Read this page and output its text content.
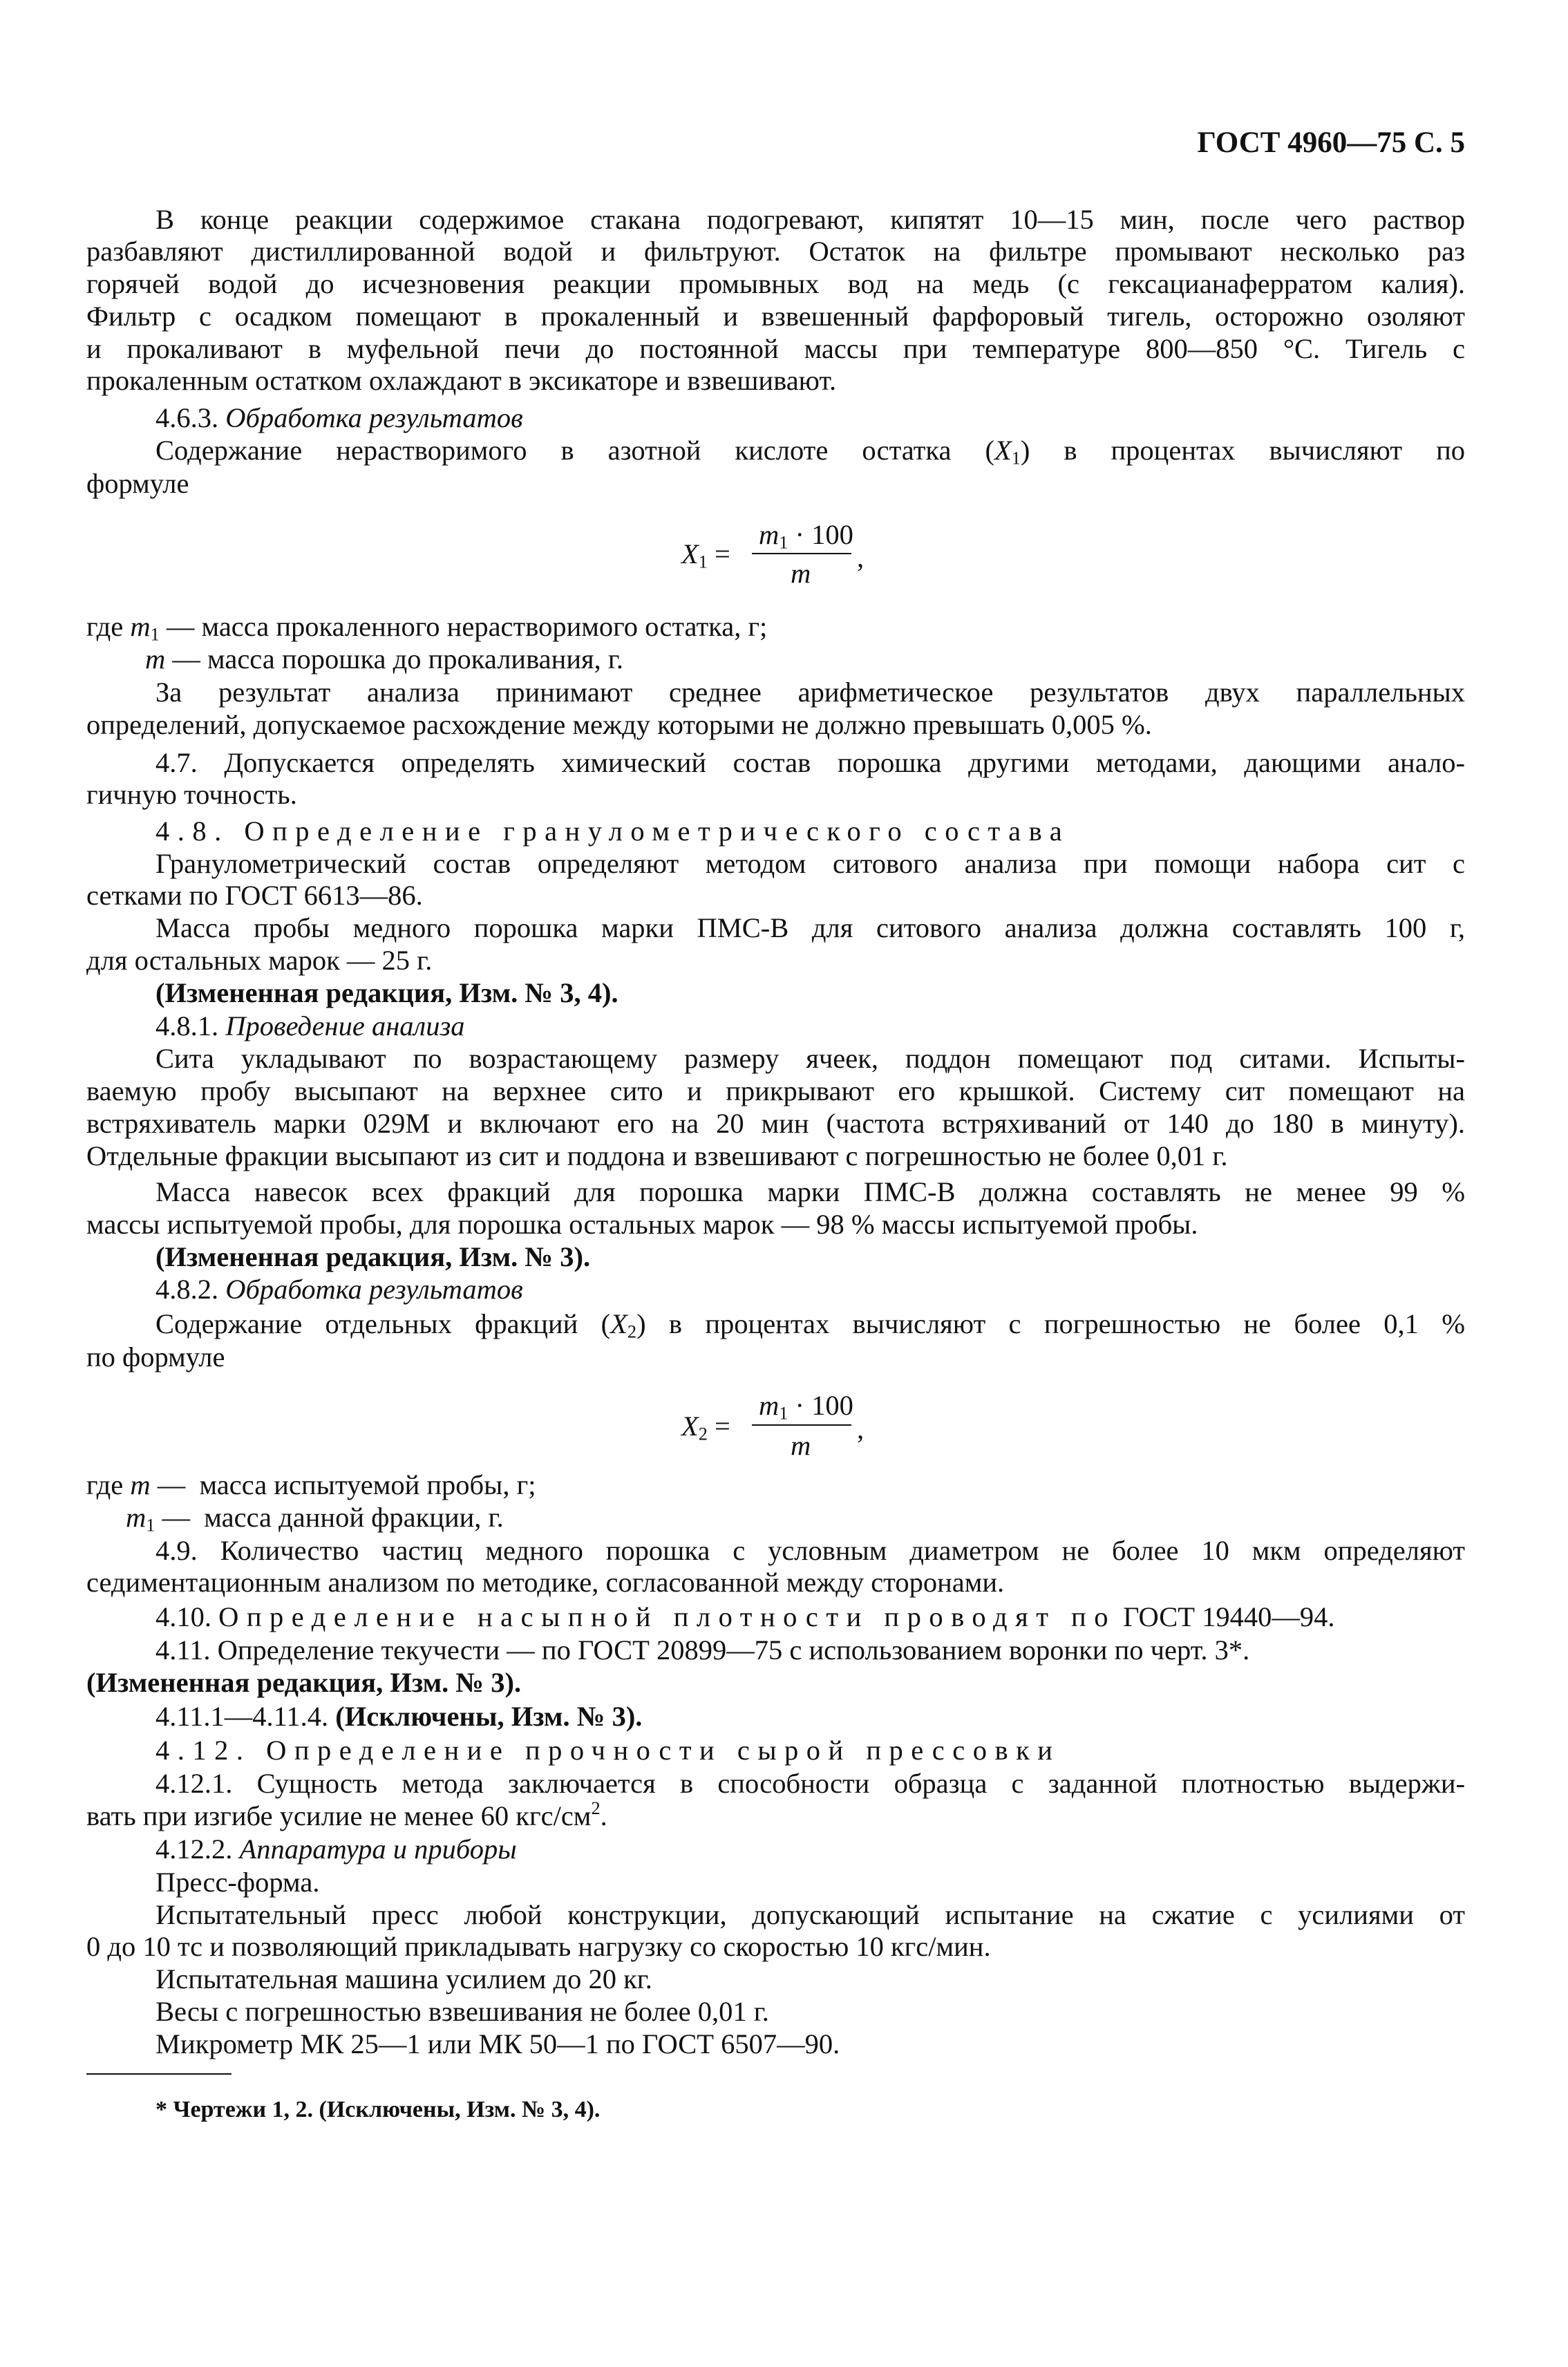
ГОСТ 4960—75 С. 5
В конце реакции содержимое стакана подогревают, кипятят 10—15 мин, после чего раствор
разбавляют дистиллированной водой и фильтруют. Остаток на фильтре промывают несколько раз
горячей водой до исчезновения реакции промывных вод на медь (с гексацианаферратом калия).
Фильтр с осадком помещают в прокаленный и взвешенный фарфоровый тигель, осторожно озоляют
и прокаливают в муфельной печи до постоянной массы при температуре 800—850 °С. Тигель с
прокаленным остатком охлаждают в эксикаторе и взвешивают.
4.6.3. Обработка результатов
Содержание нерастворимого в азотной кислоте остатка $(X_1)$ в процентах вычисляют по
формуле
$X_1$ =
$m_1 \cdot 100$
m
,
где $m_1$ — масса прокаленного нерастворимого остатка, г;
m — масса порошка до прокаливания, г.
За результат анализа принимают среднее арифметическое результатов двух параллельных
определений, допускаемое расхождение между которыми не должно превышать 0,005 %.
4.7. Допускается определять химический состав порошка другими методами, дающими анало-
гичную точность.
4.8. Определение гранулометрического состава
Гранулометрический состав определяют методом ситового анализа при помощи набора сит с
сетками по ГОСТ 6613—86.
Масса пробы медного порошка марки ПМС-В для ситового анализа должна составлять 100 г,
для остальных марок — 25 г.
(Измененная редакция, Изм. № 3, 4).
4.8.1. Проведение анализа
Сита укладывают по возрастающему размеру ячеек, поддон помещают под ситами. Испыты-
ваемую пробу высыпают на верхнее сито и прикрывают его крышкой. Систему сит помещают на
встряхиватель марки 029М и включают его на 20 мин (частота встряхиваний от 140 до 180 в минуту).
Отдельные фракции высыпают из сит и поддона и взвешивают с погрешностью не более 0,01 г.
Масса навесок всех фракций для порошка марки ПМС-В должна составлять не менее 99 %
массы испытуемой пробы, для порошка остальных марок — 98 % массы испытуемой пробы.
(Измененная редакция, Изм. № 3).
4.8.2. Обработка результатов
Содержание отдельных фракций $(X_2)$ в процентах вычисляют с погрешностью не более 0,1 %
по формуле
$X_2$ =
$m_1 \cdot 100$
m
,
где m —  масса испытуемой пробы, г;
$m_1$ —  масса данной фракции, г.
4.9. Количество частиц медного порошка с условным диаметром не более 10 мкм определяют
седиментационным анализом по методике, согласованной между сторонами.
4.10. Определение насыпной плотности проводят по ГОСТ 19440—94.
4.11. Определение текучести — по ГОСТ 20899—75 с использованием воронки по черт. 3*.
(Измененная редакция, Изм. № 3).
4.11.1—4.11.4. (Исключены, Изм. № 3).
4.12. Определение прочности сырой прессовки
4.12.1. Сущность метода заключается в способности образца с заданной плотностью выдержи-
вать при изгибе усилие не менее 60 кгс/$см^2$.
4.12.2. Аппаратура и приборы
Пресс-форма.
Испытательный пресс любой конструкции, допускающий испытание на сжатие с усилиями от
0 до 10 тс и позволяющий прикладывать нагрузку со скоростью 10 кгс/мин.
Испытательная машина усилием до 20 кг.
Весы с погрешностью взвешивания не более 0,01 г.
Микрометр МК 25—1 или МК 50—1 по ГОСТ 6507—90.
* Чертежи 1, 2. (Исключены, Изм. № 3, 4).
